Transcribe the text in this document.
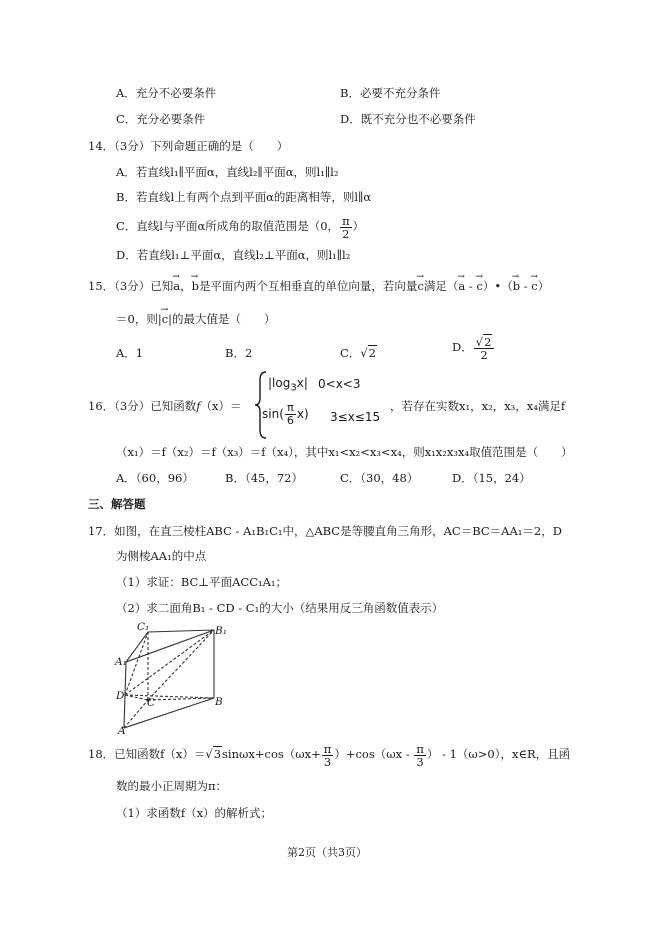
A．充分不必要条件	B．必要不充分条件
C．充分必要条件	D．既不充分也不必要条件
14．（3分）下列命题正确的是（　　）
A．若直线l₁∥平面α，直线l₂∥平面α，则l₁∥l₂
B．若直线l上有两个点到平面α的距离相等，则l∥α
C．直线l与平面α所成角的取值范围是（0， $\frac{\pi}{2}$ ）
D．若直线l₁⊥平面α，直线l₂⊥平面α，则l₁∥l₂
15．（3分）已知→ a，→ b是平面内两个互相垂直的单位向量，若向量→ c满足（→ a - → c）•（→ b - → c）
＝0，则|→ c|的最大值是（　　）
A．1	B．2	C．√2	D． $\frac{√2}{2}$
16．（3分）已知函数f（x）＝
$|\log_3x|$ 0<x<3
$\sin( \frac{\pi}{6} x)$ 3≤x≤15
，若存在实数x₁，x₂，x₃，x₄满足f
（x₁）＝f（x₂）＝f（x₃）＝f（x₄），其中x₁<x₂<x₃<x₄，则x₁x₂x₃x₄取值范围是（　　）
A．（60，96）	B．（45，72）	C．（30，48）	D．（15，24）
三、解答题
17．如图，在直三棱柱ABC - A₁B₁C₁中，△ABC是等腰直角三角形，AC＝BC＝AA₁＝2，D
为侧棱AA₁的中点
（1）求证：BC⊥平面ACC₁A₁；
（2）求二面角B₁ - CD - C₁的大小（结果用反三角函数值表示）
C₁	B₁
A₁
D
C	B
A
18．已知函数$f(x)=√3\sin\omega x+\cos(\omega x+ \frac{\pi}{3} )+\cos(\omega x - \frac{\pi}{3}$ ） - 1（ω>0），x∈R，且函
数的最小正周期为π：
（1）求函数f（x）的解析式；
第2页（共3页）
